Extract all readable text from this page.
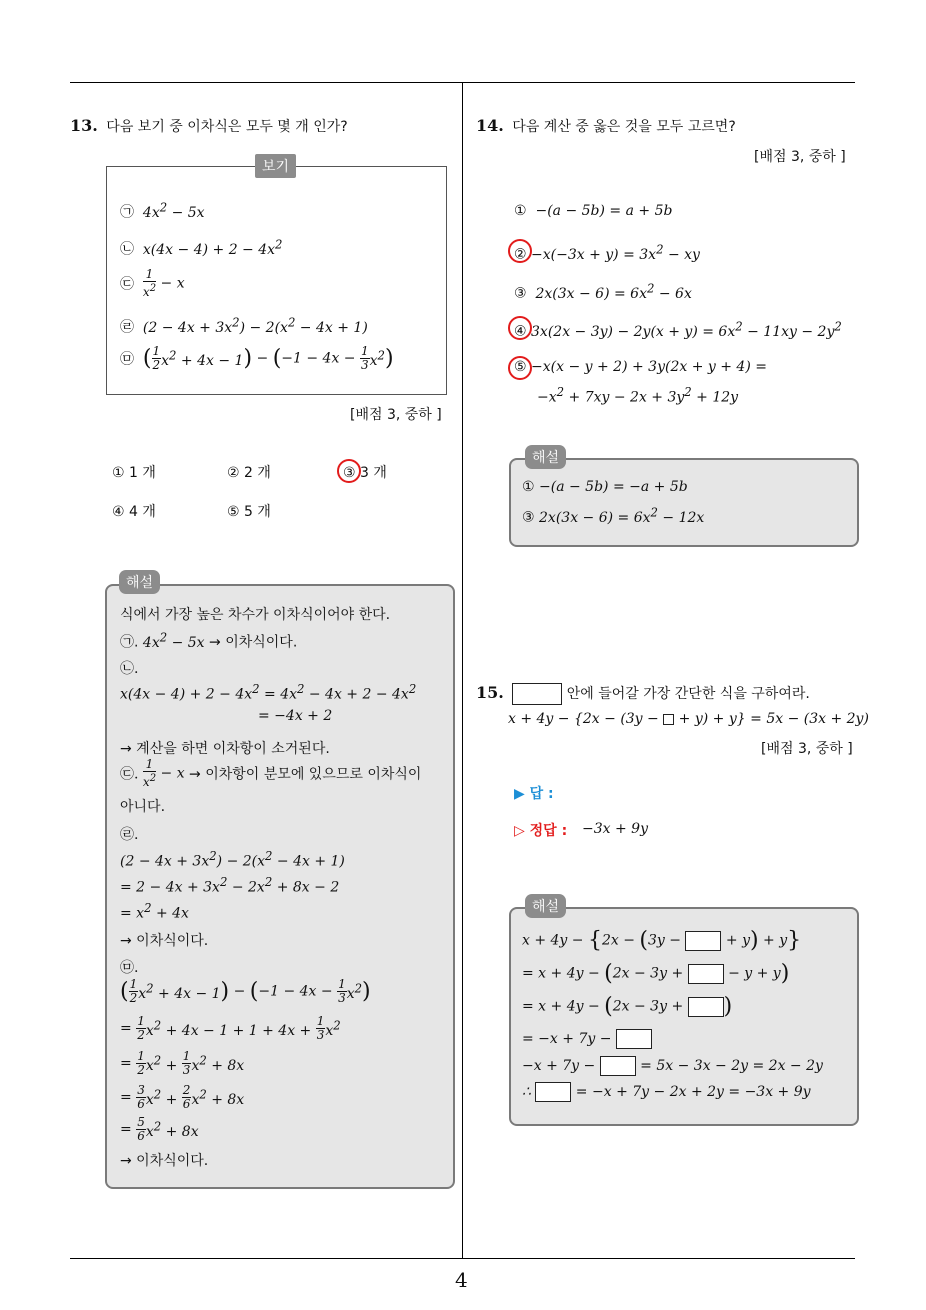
13. 다음 보기 중 이차식은 모두 몇 개 인가?
보기
㉠ $4x^2 - 5x$
㉡ $x(4x - 4) + 2 - 4x^2$
㉢ $\frac{1}{x^2} - x$
㉣ $(2 - 4x + 3x^2) - 2(x^2 - 4x + 1)$
㉤ ( $\frac{1}{2} x^2 + 4x - 1) - (-1 - 4x - \frac{1}{3} x^2)$
[배점 3, 중하 ]
① 1 개	② 2 개	③ 3 개
④ 4 개	⑤ 5 개
해설
식에서 가장 높은 차수가 이차식이어야 한다.
㉠. $4x^2 - 5x$ → 이차식이다.
㉡.
$x(4x - 4) + 2 - 4x^2 = 4x^2 - 4x + 2 - 4x^2$
= −4x + 2
→ 계산을 하면 이차항이 소거된다.
㉢. $\frac{1}{x^2} - x$ → 이차항이 분모에 있으므로 이차식이
아니다.
㉣.
$(2 - 4x + 3x^2) - 2(x^2 - 4x + 1)$
= $2 - 4x + 3x^2 - 2x^2 + 8x - 2$
= $x^2 + 4x$
→ 이차식이다.
㉤.
( $\frac{1}{2} x^2 + 4x - 1) - (-1 - 4x - \frac{1}{3} x^2)$
= $\frac{1}{2} x^2 + 4x - 1 + 1 + 4x + \frac{1}{3} x^2$
= $\frac{1}{2} x^2 + \frac{1}{3} x^2 + 8x$
= $\frac{3}{6} x^2 + \frac{2}{6} x^2 + 8x$
= $\frac{5}{6} x^2 + 8x$
→ 이차식이다.
14. 다음 계산 중 옳은 것을 모두 고르면?
[배점 3, 중하 ]
① −(a − 5b) = a + 5b
② $-x(-3x + y) = 3x^2$ − xy
③ $2x(3x - 6) = 6x^2 - 6x$
④ $3x(2x - 3y) - 2y(x + y) = 6x^2 - 11xy - 2y^2$
⑤ −x(x − y + 2) + 3y(2x + y + 4) =
$-x^2 + 7xy - 2x + 3y^2 + 12y$
해설
① −(a − 5b) = −a + 5b
③ $2x(3x - 6) = 6x^2 - 12x$
15.	안에 들어갈 가장 간단한 식을 구하여라.
x + 4y − {2x − (3y −  + y) + y} = 5x − (3x + 2y)
[배점 3, 중하 ]
▶ 답 :
▷ 정답 : −3x + 9y
해설
x + 4y − {2x − (3y −	+ y) + y}
= x + 4y − (2x − 3y +	− y + y)
= x + 4y − (2x − 3y + )
= −x + 7y −
−x + 7y −	= 5x − 3x − 2y = 2x − 2y
∴	= −x + 7y − 2x + 2y = −3x + 9y
4
